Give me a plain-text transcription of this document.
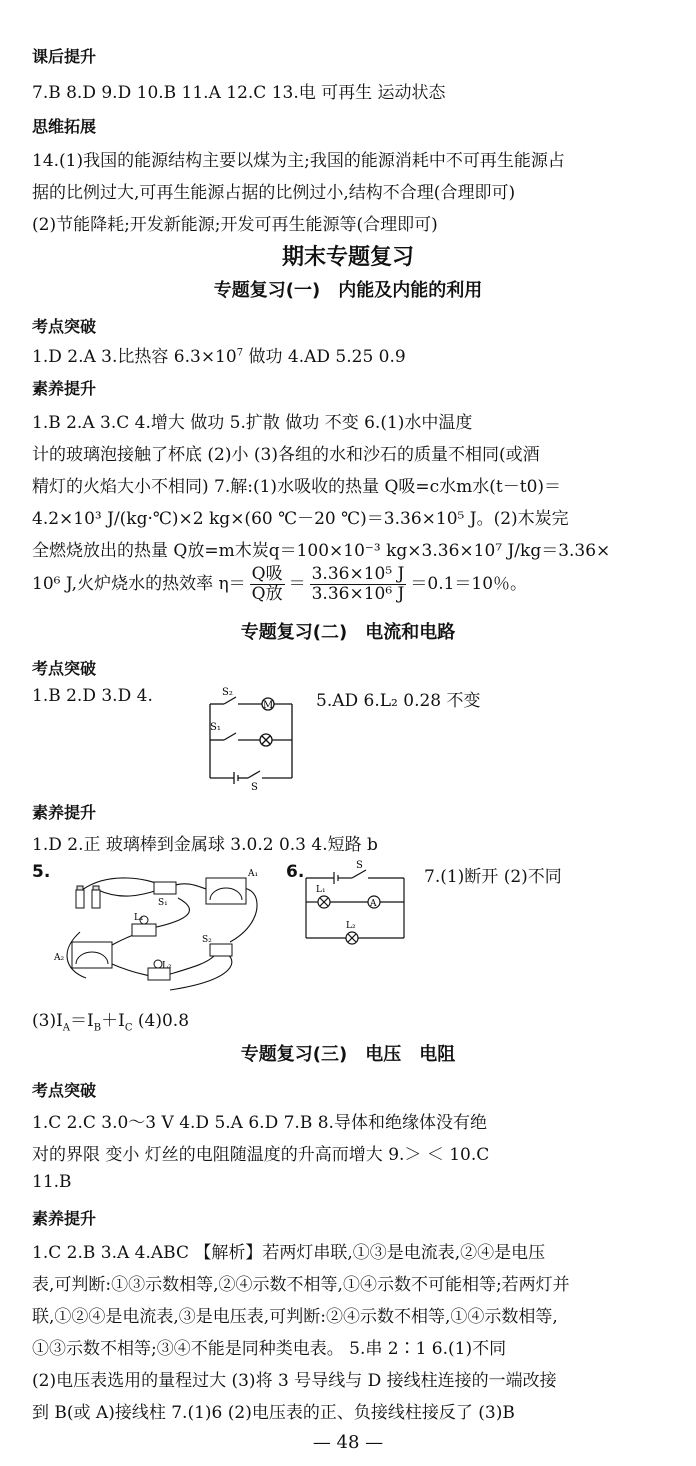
课后提升
7.B 8.D 9.D 10.B 11.A 12.C 13.电 可再生 运动状态
思维拓展
14.(1)我国的能源结构主要以煤为主;我国的能源消耗中不可再生能源占
据的比例过大,可再生能源占据的比例过小,结构不合理(合理即可)
(2)节能降耗;开发新能源;开发可再生能源等(合理即可)
期末专题复习
专题复习(一)　内能及内能的利用
考点突破
1.D 2.A 3.比热容 $6.3\times 10^7$ 做功 4.AD 5.25 0.9
素养提升
1.B 2.A 3.C 4.增大 做功 5.扩散 做功 不变 6.(1)水中温度
计的玻璃泡接触了杯底 (2)小 (3)各组的水和沙石的质量不相同(或酒
精灯的火焰大小不相同) 7.解:(1)水吸收的热量 Q吸=c水m水(t－t0)＝
4.2×10³ J/(kg·℃)×2 kg×(60 ℃－20 ℃)＝3.36×10⁵ J。(2)木炭完
全燃烧放出的热量 Q放=m木炭q＝100×10⁻³ kg×3.36×10⁷ J/kg＝3.36×
10⁶ J,火炉烧水的热效率 $\eta= \frac{\text{Q吸}}{\text{Q放}} = \frac{\text{3.36×10⁵ J}}{\text{3.36×10⁶ J}} =0.1=10$％。
专题复习(二)　电流和电路
考点突破
1.B 2.D 3.D 4.	5.AD 6.L₂ 0.28 不变
S₂
S₁
S
M
素养提升
1.D 2.正 玻璃棒到金属球 3.0.2 0.3 4.短路 b
5.	6.	7.(1)断开 (2)不同
S₁
A₁
A₂
L₁
S₂
L₂
S
L₁
L₂
A
$(3)I_A=I_B+I_C$ (4)0.8
专题复习(三)　电压　电阻
考点突破
1.C 2.C 3.0～3 V 4.D 5.A 6.D 7.B 8.导体和绝缘体没有绝
对的界限 变小 灯丝的电阻随温度的升高而增大 9.＞ ＜ 10.C
11.B
素养提升
1.C 2.B 3.A 4.ABC 【解析】若两灯串联,①③是电流表,②④是电压
表,可判断:①③示数相等,②④示数不相等,①④示数不可能相等;若两灯并
联,①②④是电流表,③是电压表,可判断:②④示数不相等,①④示数相等,
①③示数不相等;③④不能是同种类电表。 5.串 2∶1 6.(1)不同
(2)电压表选用的量程过大 (3)将 3 号导线与 D 接线柱连接的一端改接
到 B(或 A)接线柱 7.(1)6 (2)电压表的正、负接线柱接反了 (3)B
— 48 —
